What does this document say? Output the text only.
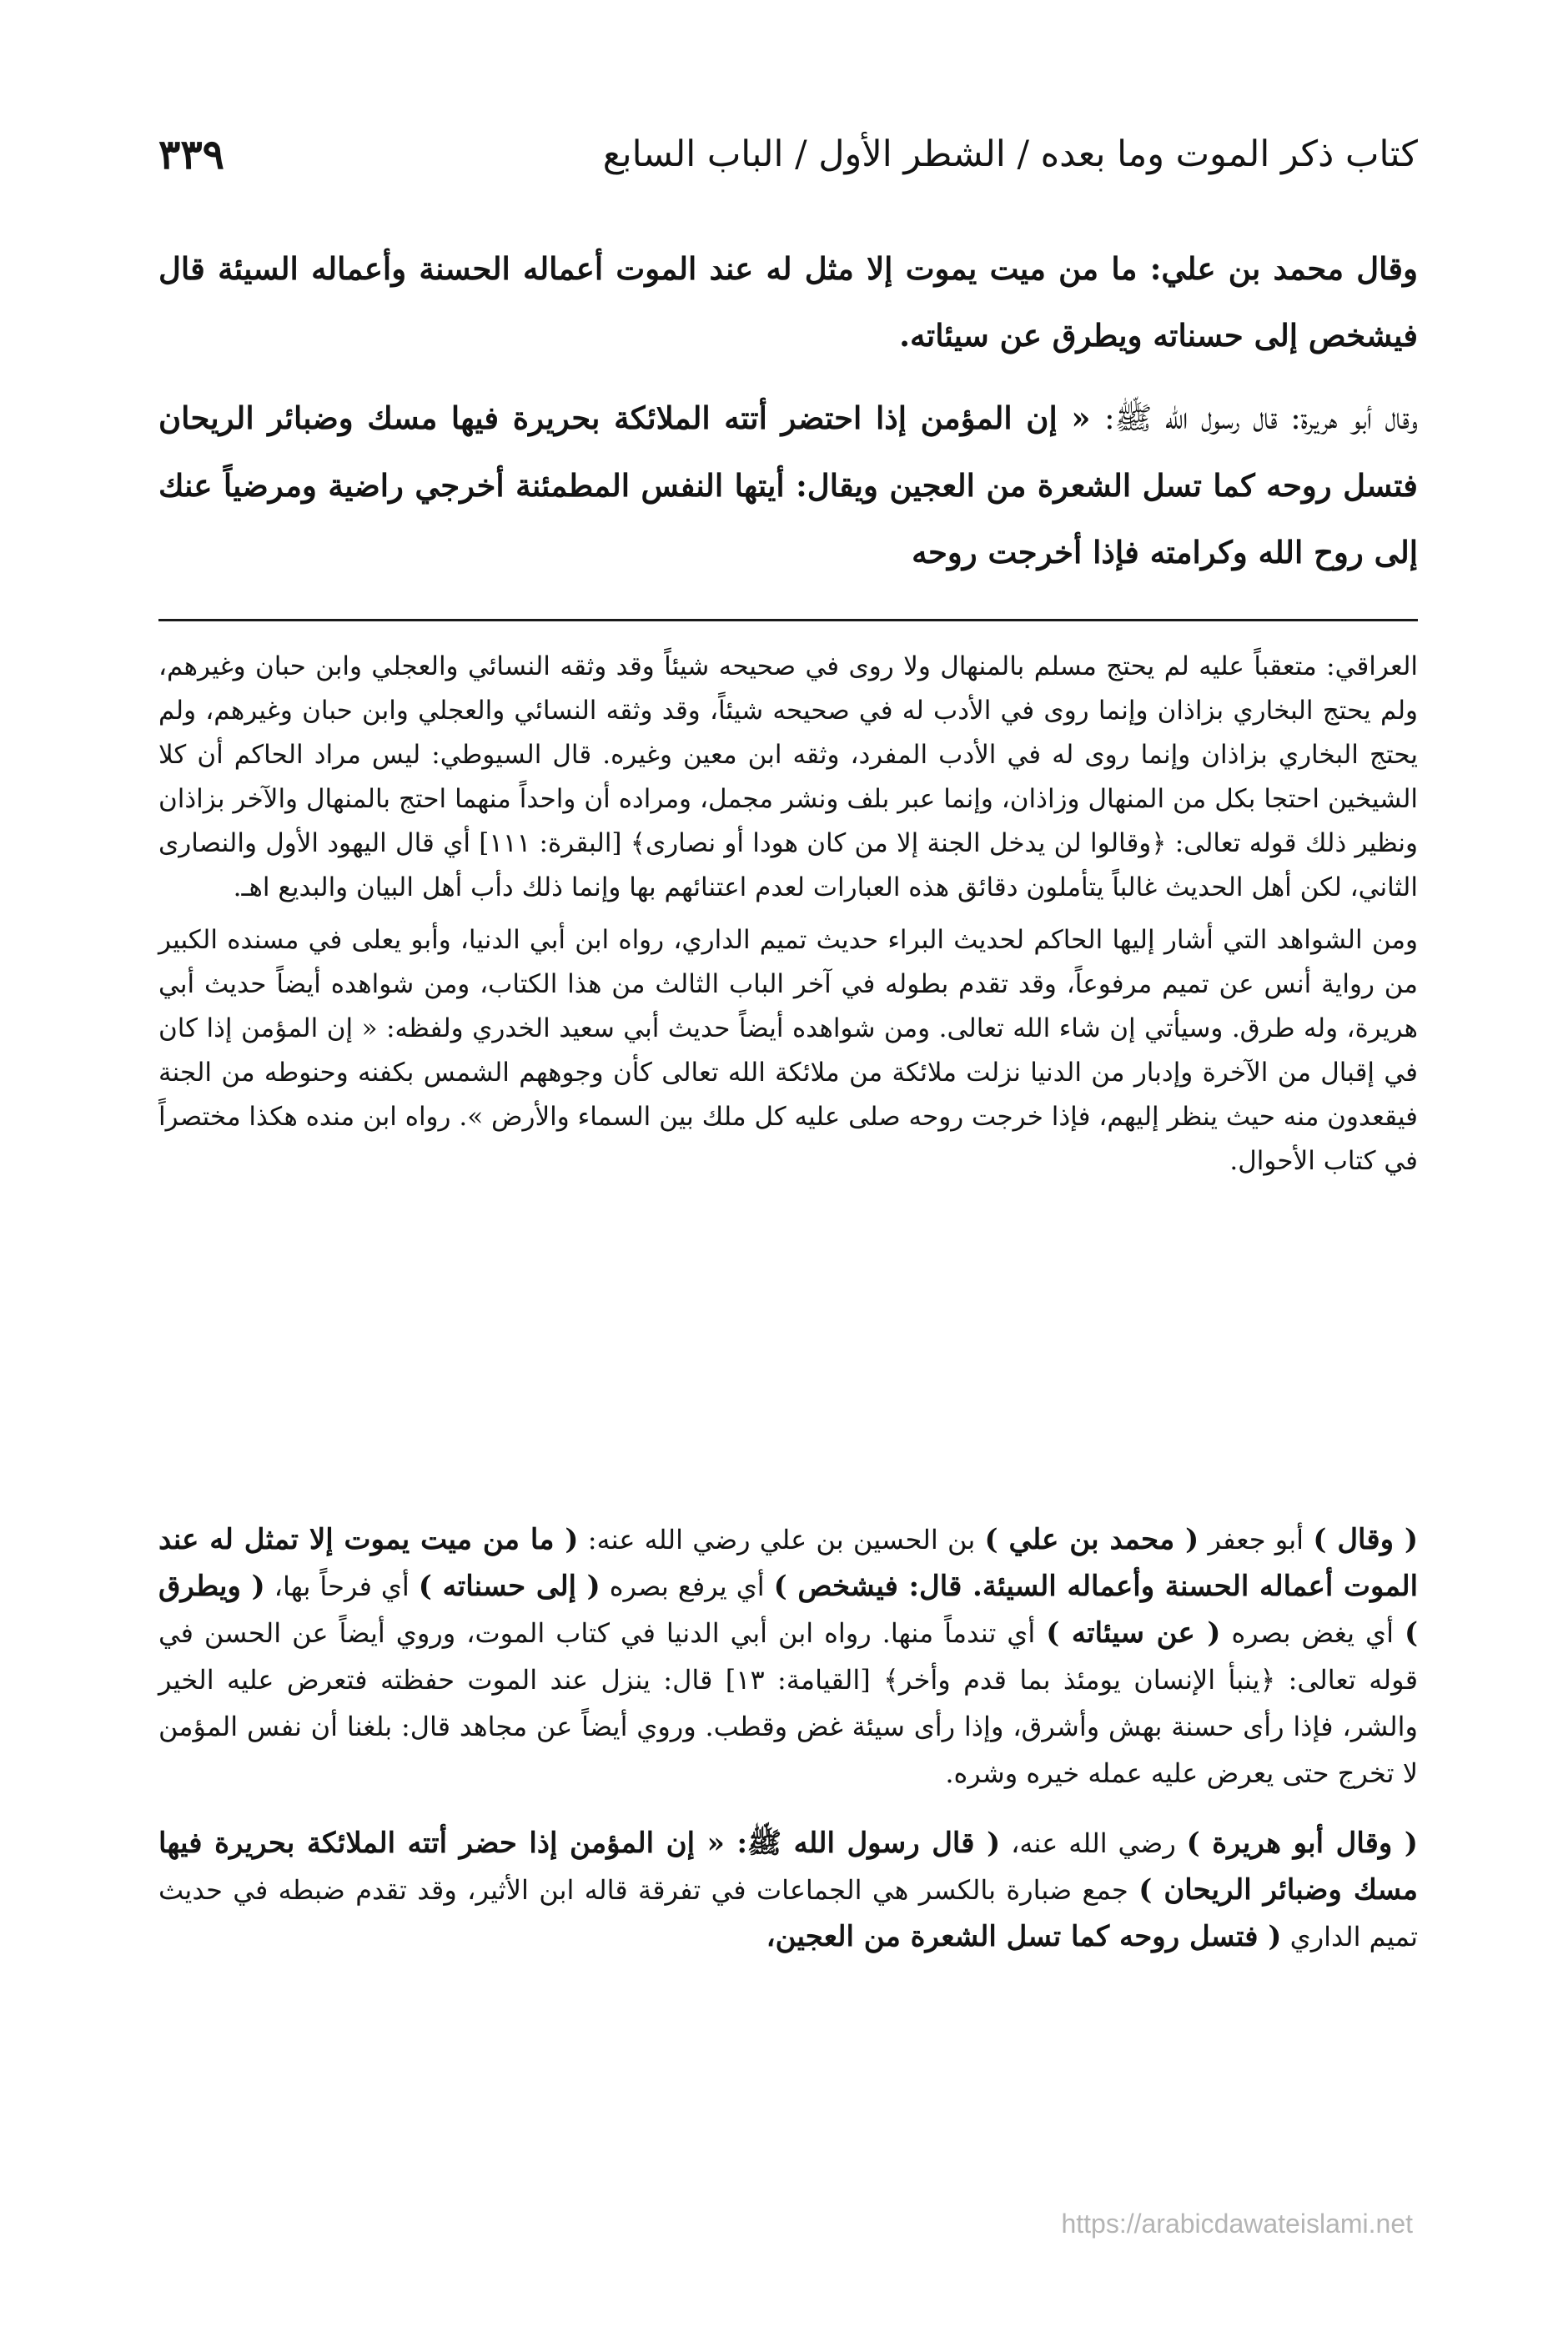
كتاب ذكر الموت وما بعده / الشطر الأول / الباب السابع
٣٣٩

وقال محمد بن علي: ما من ميت يموت إلا مثل له عند الموت أعماله الحسنة وأعماله السيئة قال فيشخص إلى حسناته ويطرق عن سيئاته.

وقال أبو هريرة: قال رسول الله ﷺ: « إن المؤمن إذا احتضر أتته الملائكة بحريرة فيها مسك وضبائر الريحان فتسل روحه كما تسل الشعرة من العجين ويقال: أيتها النفس المطمئنة أخرجي راضية ومرضياً عنك إلى روح الله وكرامته فإذا أخرجت روحه

العراقي: متعقباً عليه لم يحتج مسلم بالمنهال ولا روى في صحيحه شيئاً وقد وثقه النسائي والعجلي وابن حبان وغيرهم، ولم يحتج البخاري بزاذان وإنما روى في الأدب له في صحيحه شيئاً، وقد وثقه النسائي والعجلي وابن حبان وغيرهم، ولم يحتج البخاري بزاذان وإنما روى له في الأدب المفرد، وثقه ابن معين وغيره. قال السيوطي: ليس مراد الحاكم أن كلا الشيخين احتجا بكل من المنهال وزاذان، وإنما عبر بلف ونشر مجمل، ومراده أن واحداً منهما احتج بالمنهال والآخر بزاذان ونظير ذلك قوله تعالى: ﴿وقالوا لن يدخل الجنة إلا من كان هودا أو نصارى﴾ [البقرة: ١١١] أي قال اليهود الأول والنصارى الثاني، لكن أهل الحديث غالباً يتأملون دقائق هذه العبارات لعدم اعتنائهم بها وإنما ذلك دأب أهل البيان والبديع اهـ.

ومن الشواهد التي أشار إليها الحاكم لحديث البراء حديث تميم الداري، رواه ابن أبي الدنيا، وأبو يعلى في مسنده الكبير من رواية أنس عن تميم مرفوعاً، وقد تقدم بطوله في آخر الباب الثالث من هذا الكتاب، ومن شواهده أيضاً حديث أبي هريرة، وله طرق. وسيأتي إن شاء الله تعالى. ومن شواهده أيضاً حديث أبي سعيد الخدري ولفظه: « إن المؤمن إذا كان في إقبال من الآخرة وإدبار من الدنيا نزلت ملائكة من ملائكة الله تعالى كأن وجوههم الشمس بكفنه وحنوطه من الجنة فيقعدون منه حيث ينظر إليهم، فإذا خرجت روحه صلى عليه كل ملك بين السماء والأرض ». رواه ابن منده هكذا مختصراً في كتاب الأحوال.

( وقال ) أبو جعفر ( محمد بن علي ) بن الحسين بن علي رضي الله عنه: ( ما من ميت يموت إلا تمثل له عند الموت أعماله الحسنة وأعماله السيئة. قال: فيشخص ) أي يرفع بصره ( إلى حسناته ) أي فرحاً بها، ( ويطرق ) أي يغض بصره ( عن سيئاته ) أي تندماً منها. رواه ابن أبي الدنيا في كتاب الموت، وروي أيضاً عن الحسن في قوله تعالى: ﴿ينبأ الإنسان يومئذ بما قدم وأخر﴾ [القيامة: ١٣] قال: ينزل عند الموت حفظته فتعرض عليه الخير والشر، فإذا رأى حسنة بهش وأشرق، وإذا رأى سيئة غض وقطب. وروي أيضاً عن مجاهد قال: بلغنا أن نفس المؤمن لا تخرج حتى يعرض عليه عمله خيره وشره.

( وقال أبو هريرة ) رضي الله عنه، ( قال رسول الله ﷺ: « إن المؤمن إذا حضر أتته الملائكة بحريرة فيها مسك وضبائر الريحان ) جمع ضبارة بالكسر هي الجماعات في تفرقة قاله ابن الأثير، وقد تقدم ضبطه في حديث تميم الداري ( فتسل روحه كما تسل الشعرة من العجين،

https://arabicdawateislami.net
